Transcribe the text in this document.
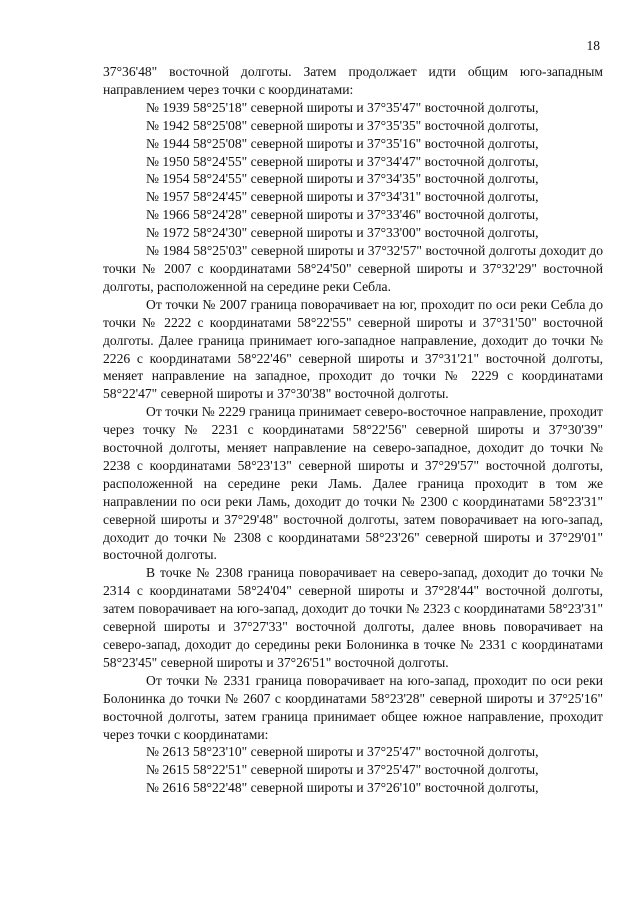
18

37°36'48" восточной долготы. Затем продолжает идти общим юго-западным направлением через точки с координатами:

№ 1939 58°25'18" северной широты и 37°35'47" восточной долготы,

№ 1942 58°25'08" северной широты и 37°35'35" восточной долготы,

№ 1944 58°25'08" северной широты и 37°35'16" восточной долготы,

№ 1950 58°24'55" северной широты и 37°34'47" восточной долготы,

№ 1954 58°24'55" северной широты и 37°34'35" восточной долготы,

№ 1957 58°24'45" северной широты и 37°34'31" восточной долготы,

№ 1966 58°24'28" северной широты и 37°33'46" восточной долготы,

№ 1972 58°24'30" северной широты и 37°33'00" восточной долготы,

№ 1984 58°25'03" северной широты и 37°32'57" восточной долготы доходит до точки № 2007 с координатами 58°24'50" северной широты и 37°32'29" восточной долготы, расположенной на середине реки Себла.

От точки № 2007 граница поворачивает на юг, проходит по оси реки Себла до точки № 2222 с координатами 58°22'55" северной широты и 37°31'50" восточной долготы. Далее граница принимает юго-западное направление, доходит до точки № 2226 с координатами 58°22'46" северной широты и 37°31'21" восточной долготы, меняет направление на западное, проходит до точки № 2229 с координатами 58°22'47" северной широты и 37°30'38" восточной долготы.

От точки № 2229 граница принимает северо-восточное направление, проходит через точку № 2231 с координатами 58°22'56" северной широты и 37°30'39" восточной долготы, меняет направление на северо-западное, доходит до точки № 2238 с координатами 58°23'13" северной широты и 37°29'57" восточной долготы, расположенной на середине реки Ламь. Далее граница проходит в том же направлении по оси реки Ламь, доходит до точки № 2300 с координатами 58°23'31" северной широты и 37°29'48" восточной долготы, затем поворачивает на юго-запад, доходит до точки № 2308 с координатами 58°23'26" северной широты и 37°29'01" восточной долготы.

В точке № 2308 граница поворачивает на северо-запад, доходит до точки № 2314 с координатами 58°24'04" северной широты и 37°28'44" восточной долготы, затем поворачивает на юго-запад, доходит до точки № 2323 с координатами 58°23'31" северной широты и 37°27'33" восточной долготы, далее вновь поворачивает на северо-запад, доходит до середины реки Болонинка в точке № 2331 с координатами 58°23'45" северной широты и 37°26'51" восточной долготы.

От точки № 2331 граница поворачивает на юго-запад, проходит по оси реки Болонинка до точки № 2607 с координатами 58°23'28" северной широты и 37°25'16" восточной долготы, затем граница принимает общее южное направление, проходит через точки с координатами:

№ 2613 58°23'10" северной широты и 37°25'47" восточной долготы,

№ 2615 58°22'51" северной широты и 37°25'47" восточной долготы,

№ 2616 58°22'48" северной широты и 37°26'10" восточной долготы,
